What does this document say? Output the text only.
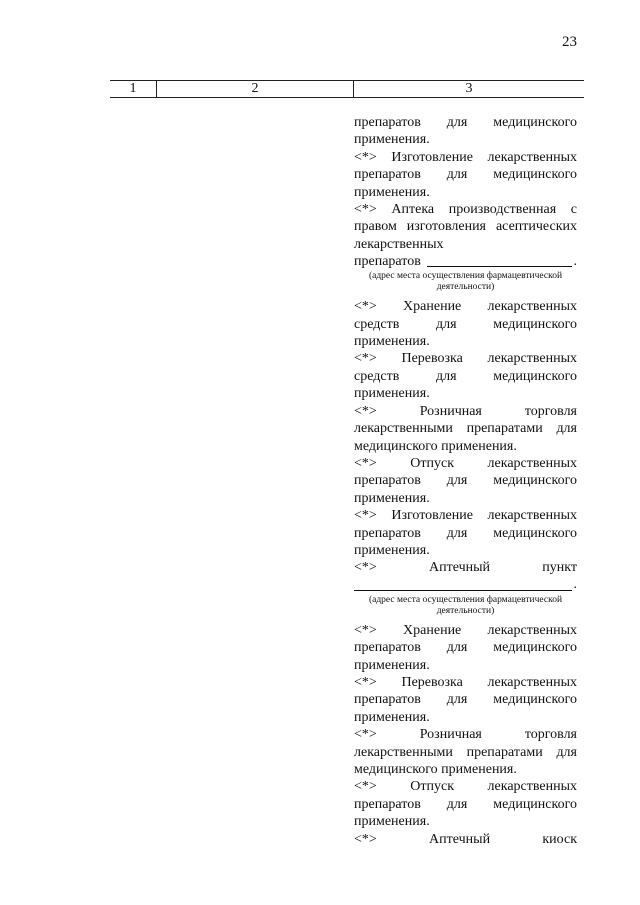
23
1	2	3

препаратов для медицинского применения.

<*> Изготовление лекарственных препаратов для медицинского применения.

<*> Аптека производственная с правом изготовления асептических лекарственных

препаратов	.
(адрес места осуществления фармацевтической деятельности)

<*> Хранение лекарственных средств для медицинского применения.

<*> Перевозка лекарственных средств для медицинского применения.

<*> Розничная торговля лекарственными препаратами для медицинского применения.

<*> Отпуск лекарственных препаратов для медицинского применения.

<*> Изготовление лекарственных препаратов для медицинского применения.

<*> Аптечный пункт

.
(адрес места осуществления фармацевтической деятельности)

<*> Хранение лекарственных препаратов для медицинского применения.

<*> Перевозка лекарственных препаратов для медицинского применения.

<*> Розничная торговля лекарственными препаратами для медицинского применения.

<*> Отпуск лекарственных препаратов для медицинского применения.

<*> Аптечный киоск
